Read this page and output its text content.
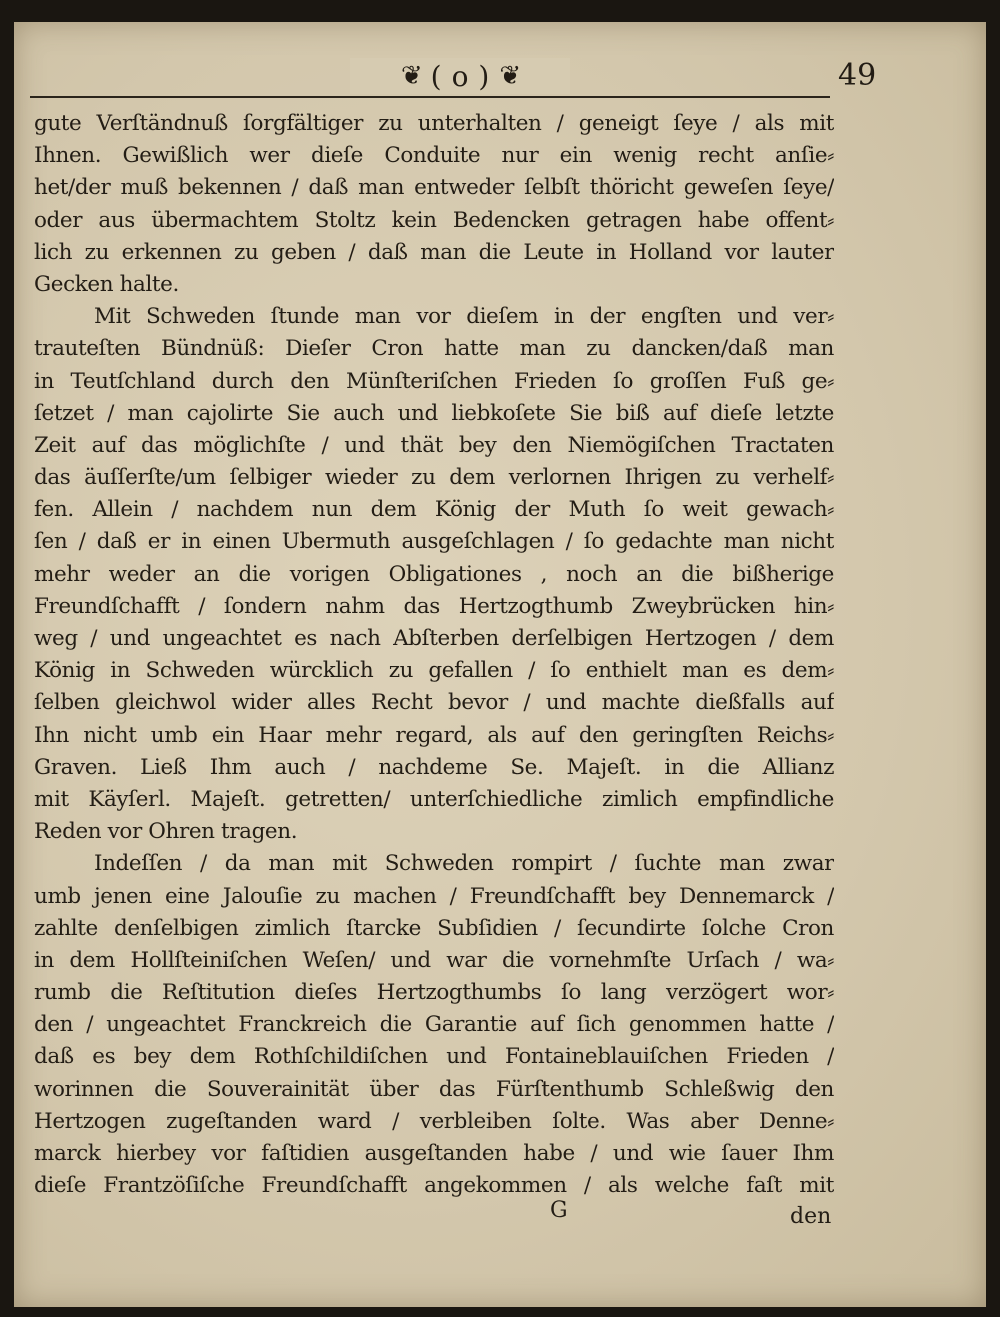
❦ ( o ) ❦	49
gute Verſtändnuß ſorgfältiger zu unterhalten / geneigt ſeye / als mit
Ihnen. Gewißlich wer dieſe Conduite nur ein wenig recht anſie⸗
het/der muß bekennen / daß man entweder ſelbſt thöricht geweſen ſeye/
oder aus übermachtem Stoltz kein Bedencken getragen habe offent⸗
lich zu erkennen zu geben / daß man die Leute in Holland vor lauter
Gecken halte.
Mit Schweden ſtunde man vor dieſem in der engſten und ver⸗
trauteſten Bündnüß: Dieſer Cron hatte man zu dancken/daß man
in Teutſchland durch den Münſteriſchen Frieden ſo groſſen Fuß ge⸗
ſetzet / man cajolirte Sie auch und liebkoſete Sie biß auf dieſe letzte
Zeit auf das möglichſte / und thät bey den Niemögiſchen Tractaten
das äuſſerſte/um ſelbiger wieder zu dem verlornen Ihrigen zu verhelf⸗
fen. Allein / nachdem nun dem König der Muth ſo weit gewach⸗
ſen / daß er in einen Ubermuth ausgeſchlagen / ſo gedachte man nicht
mehr weder an die vorigen Obligationes , noch an die bißherige
Freundſchafft / ſondern nahm das Hertzogthumb Zweybrücken hin⸗
weg / und ungeachtet es nach Abſterben derſelbigen Hertzogen / dem
König in Schweden würcklich zu gefallen / ſo enthielt man es dem⸗
ſelben gleichwol wider alles Recht bevor / und machte dießfalls auf
Ihn nicht umb ein Haar mehr regard, als auf den geringſten Reichs⸗
Graven. Ließ Ihm auch / nachdeme Se. Majeſt. in die Allianz
mit Käyſerl. Majeſt. getretten/ unterſchiedliche zimlich empfindliche
Reden vor Ohren tragen.
Indeſſen / da man mit Schweden rompirt / ſuchte man zwar
umb jenen eine Jalouſie zu machen / Freundſchafft bey Dennemarck /
zahlte denſelbigen zimlich ſtarcke Subſidien / ſecundirte ſolche Cron
in dem Hollſteiniſchen Weſen/ und war die vornehmſte Urſach / wa⸗
rumb die Reſtitution dieſes Hertzogthumbs ſo lang verzögert wor⸗
den / ungeachtet Franckreich die Garantie auf ſich genommen hatte /
daß es bey dem Rothſchildiſchen und Fontaineblauiſchen Frieden /
worinnen die Souverainität über das Fürſtenthumb Schleßwig den
Hertzogen zugeſtanden ward / verbleiben ſolte. Was aber Denne⸗
marck hierbey vor faſtidien ausgeſtanden habe / und wie ſauer Ihm
dieſe Frantzöſiſche Freundſchafft angekommen / als welche faſt mit
G	den
